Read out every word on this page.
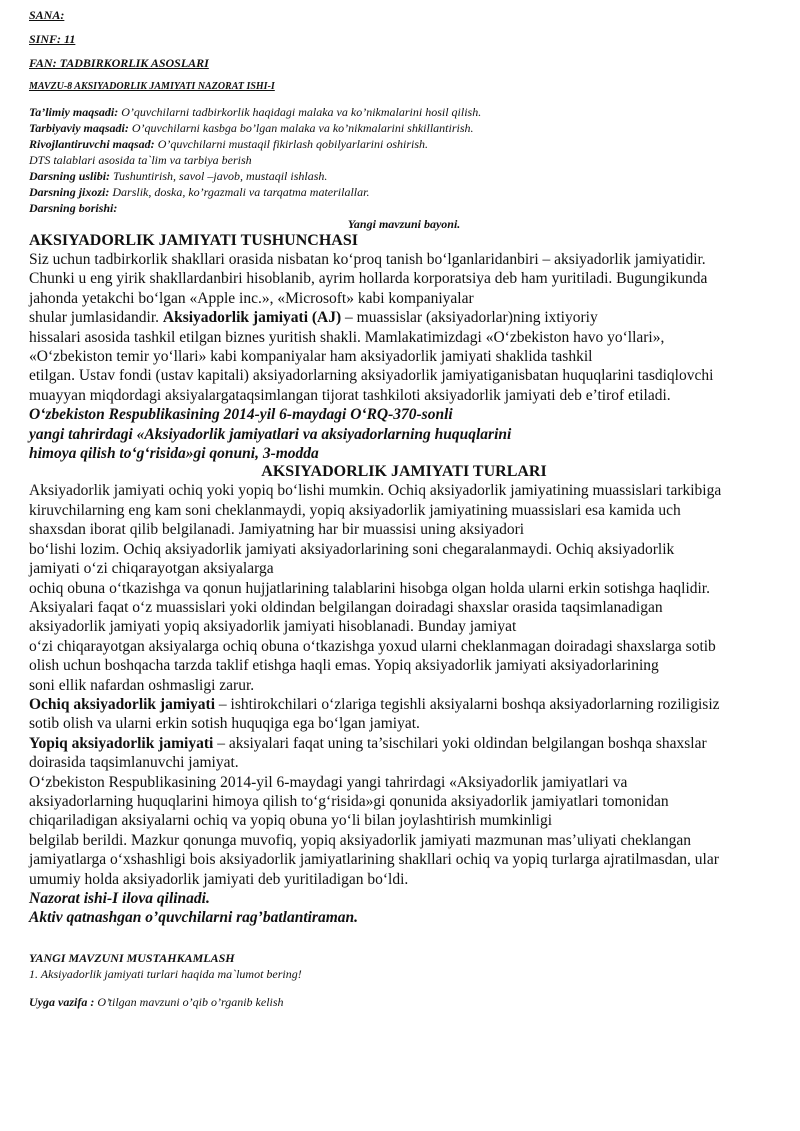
SANA:

SINF: 11

FAN: TADBIRKORLIK ASOSLARI

MAVZU-8 AKSIYADORLIK JAMIYATI NAZORAT ISHI-I

Ta’limiy maqsadi: O’quvchilarni tadbirkorlik haqidagi malaka va ko’nikmalarini hosil qilish.

Tarbiyaviy maqsadi: O’quvchilarni kasbga bo’lgan malaka va ko’nikmalarini shkillantirish.

Rivojlantiruvchi maqsad: O’quvchilarni mustaqil fikirlash qobilyarlarini oshirish.

DTS talablari asosida ta`lim va tarbiya berish

Darsning uslibi: Tushuntirish, savol –javob, mustaqil ishlash.

Darsning jixozi: Darslik, doska, ko’rgazmali va tarqatma materilallar.

Darsning borishi:

Yangi mavzuni bayoni.

AKSIYADORLIK JAMIYATI TUSHUNCHASI

Siz uchun tadbirkorlik shakllari orasida nisbatan ko‘proq tanish bo‘lganlaridanbiri – aksiyadorlik jamiyatidir.

Chunki u eng yirik shakllardanbiri hisoblanib, ayrim hollarda korporatsiya deb ham yuritiladi. Bugungikunda

jahonda yetakchi bo‘lgan «Apple inc.», «Microsoft» kabi kompaniyalar

shular jumlasidandir. Aksiyadorlik jamiyati (AJ) – muassislar (aksiyadorlar)ning ixtiyoriy

hissalari asosida tashkil etilgan biznes yuritish shakli. Mamlakatimizdagi «O‘zbekiston havo yo‘llari»,

«O‘zbekiston temir yo‘llari» kabi kompaniyalar ham aksiyadorlik jamiyati shaklida tashkil

etilgan. Ustav fondi (ustav kapitali) aksiyadorlarning aksiyadorlik jamiyatiganisbatan huquqlarini tasdiqlovchi

muayyan miqdordagi aksiyalargataqsimlangan tijorat tashkiloti aksiyadorlik jamiyati deb e’tirof etiladi.

O‘zbekiston Respublikasining 2014-yil 6-maydagi O‘RQ-370-sonli

yangi tahrirdagi «Aksiyadorlik jamiyatlari va aksiyadorlarning huquqlarini

himoya qilish to‘g‘risida»gi qonuni, 3-modda

AKSIYADORLIK JAMIYATI TURLARI

Aksiyadorlik jamiyati ochiq yoki yopiq bo‘lishi mumkin. Ochiq aksiyadorlik jamiyatining muassislari tarkibiga

kiruvchilarning eng kam soni cheklanmaydi, yopiq aksiyadorlik jamiyatining muassislari esa kamida uch

shaxsdan iborat qilib belgilanadi. Jamiyatning har bir muassisi uning aksiyadori

bo‘lishi lozim. Ochiq aksiyadorlik jamiyati aksiyadorlarining soni chegaralanmaydi. Ochiq aksiyadorlik

jamiyati o‘zi chiqarayotgan aksiyalarga

ochiq obuna o‘tkazishga va qonun hujjatlarining talablarini hisobga olgan holda ularni erkin sotishga haqlidir.

Aksiyalari faqat o‘z muassislari yoki oldindan belgilangan doiradagi shaxslar orasida taqsimlanadigan

aksiyadorlik jamiyati yopiq aksiyadorlik jamiyati hisoblanadi. Bunday jamiyat

o‘zi chiqarayotgan aksiyalarga ochiq obuna o‘tkazishga yoxud ularni cheklanmagan doiradagi shaxslarga sotib

olish uchun boshqacha tarzda taklif etishga haqli emas. Yopiq aksiyadorlik jamiyati aksiyadorlarining

soni ellik nafardan oshmasligi zarur.

Ochiq aksiyadorlik jamiyati – ishtirokchilari o‘zlariga tegishli aksiyalarni boshqa aksiyadorlarning roziligisiz

sotib olish va ularni erkin sotish huquqiga ega bo‘lgan jamiyat.

Yopiq aksiyadorlik jamiyati – aksiyalari faqat uning ta’sischilari yoki oldindan belgilangan boshqa shaxslar

doirasida taqsimlanuvchi jamiyat.

O‘zbekiston Respublikasining 2014-yil 6-maydagi yangi tahrirdagi «Aksiyadorlik jamiyatlari va

aksiyadorlarning huquqlarini himoya qilish to‘g‘risida»gi qonunida aksiyadorlik jamiyatlari tomonidan

chiqariladigan aksiyalarni ochiq va yopiq obuna yo‘li bilan joylashtirish mumkinligi

belgilab berildi. Mazkur qonunga muvofiq, yopiq aksiyadorlik jamiyati mazmunan mas’uliyati cheklangan

jamiyatlarga o‘xshashligi bois aksiyadorlik jamiyatlarining shakllari ochiq va yopiq turlarga ajratilmasdan, ular

umumiy holda aksiyadorlik jamiyati deb yuritiladigan bo‘ldi.

Nazorat ishi-I ilova qilinadi.

Aktiv qatnashgan o’quvchilarni rag’batlantiraman.

YANGI MAVZUNI MUSTAHKAMLASH

1. Aksiyadorlik jamiyati turlari haqida ma`lumot bering!

Uyga vazifa : O’tilgan mavzuni o’qib o’rganib kelish
